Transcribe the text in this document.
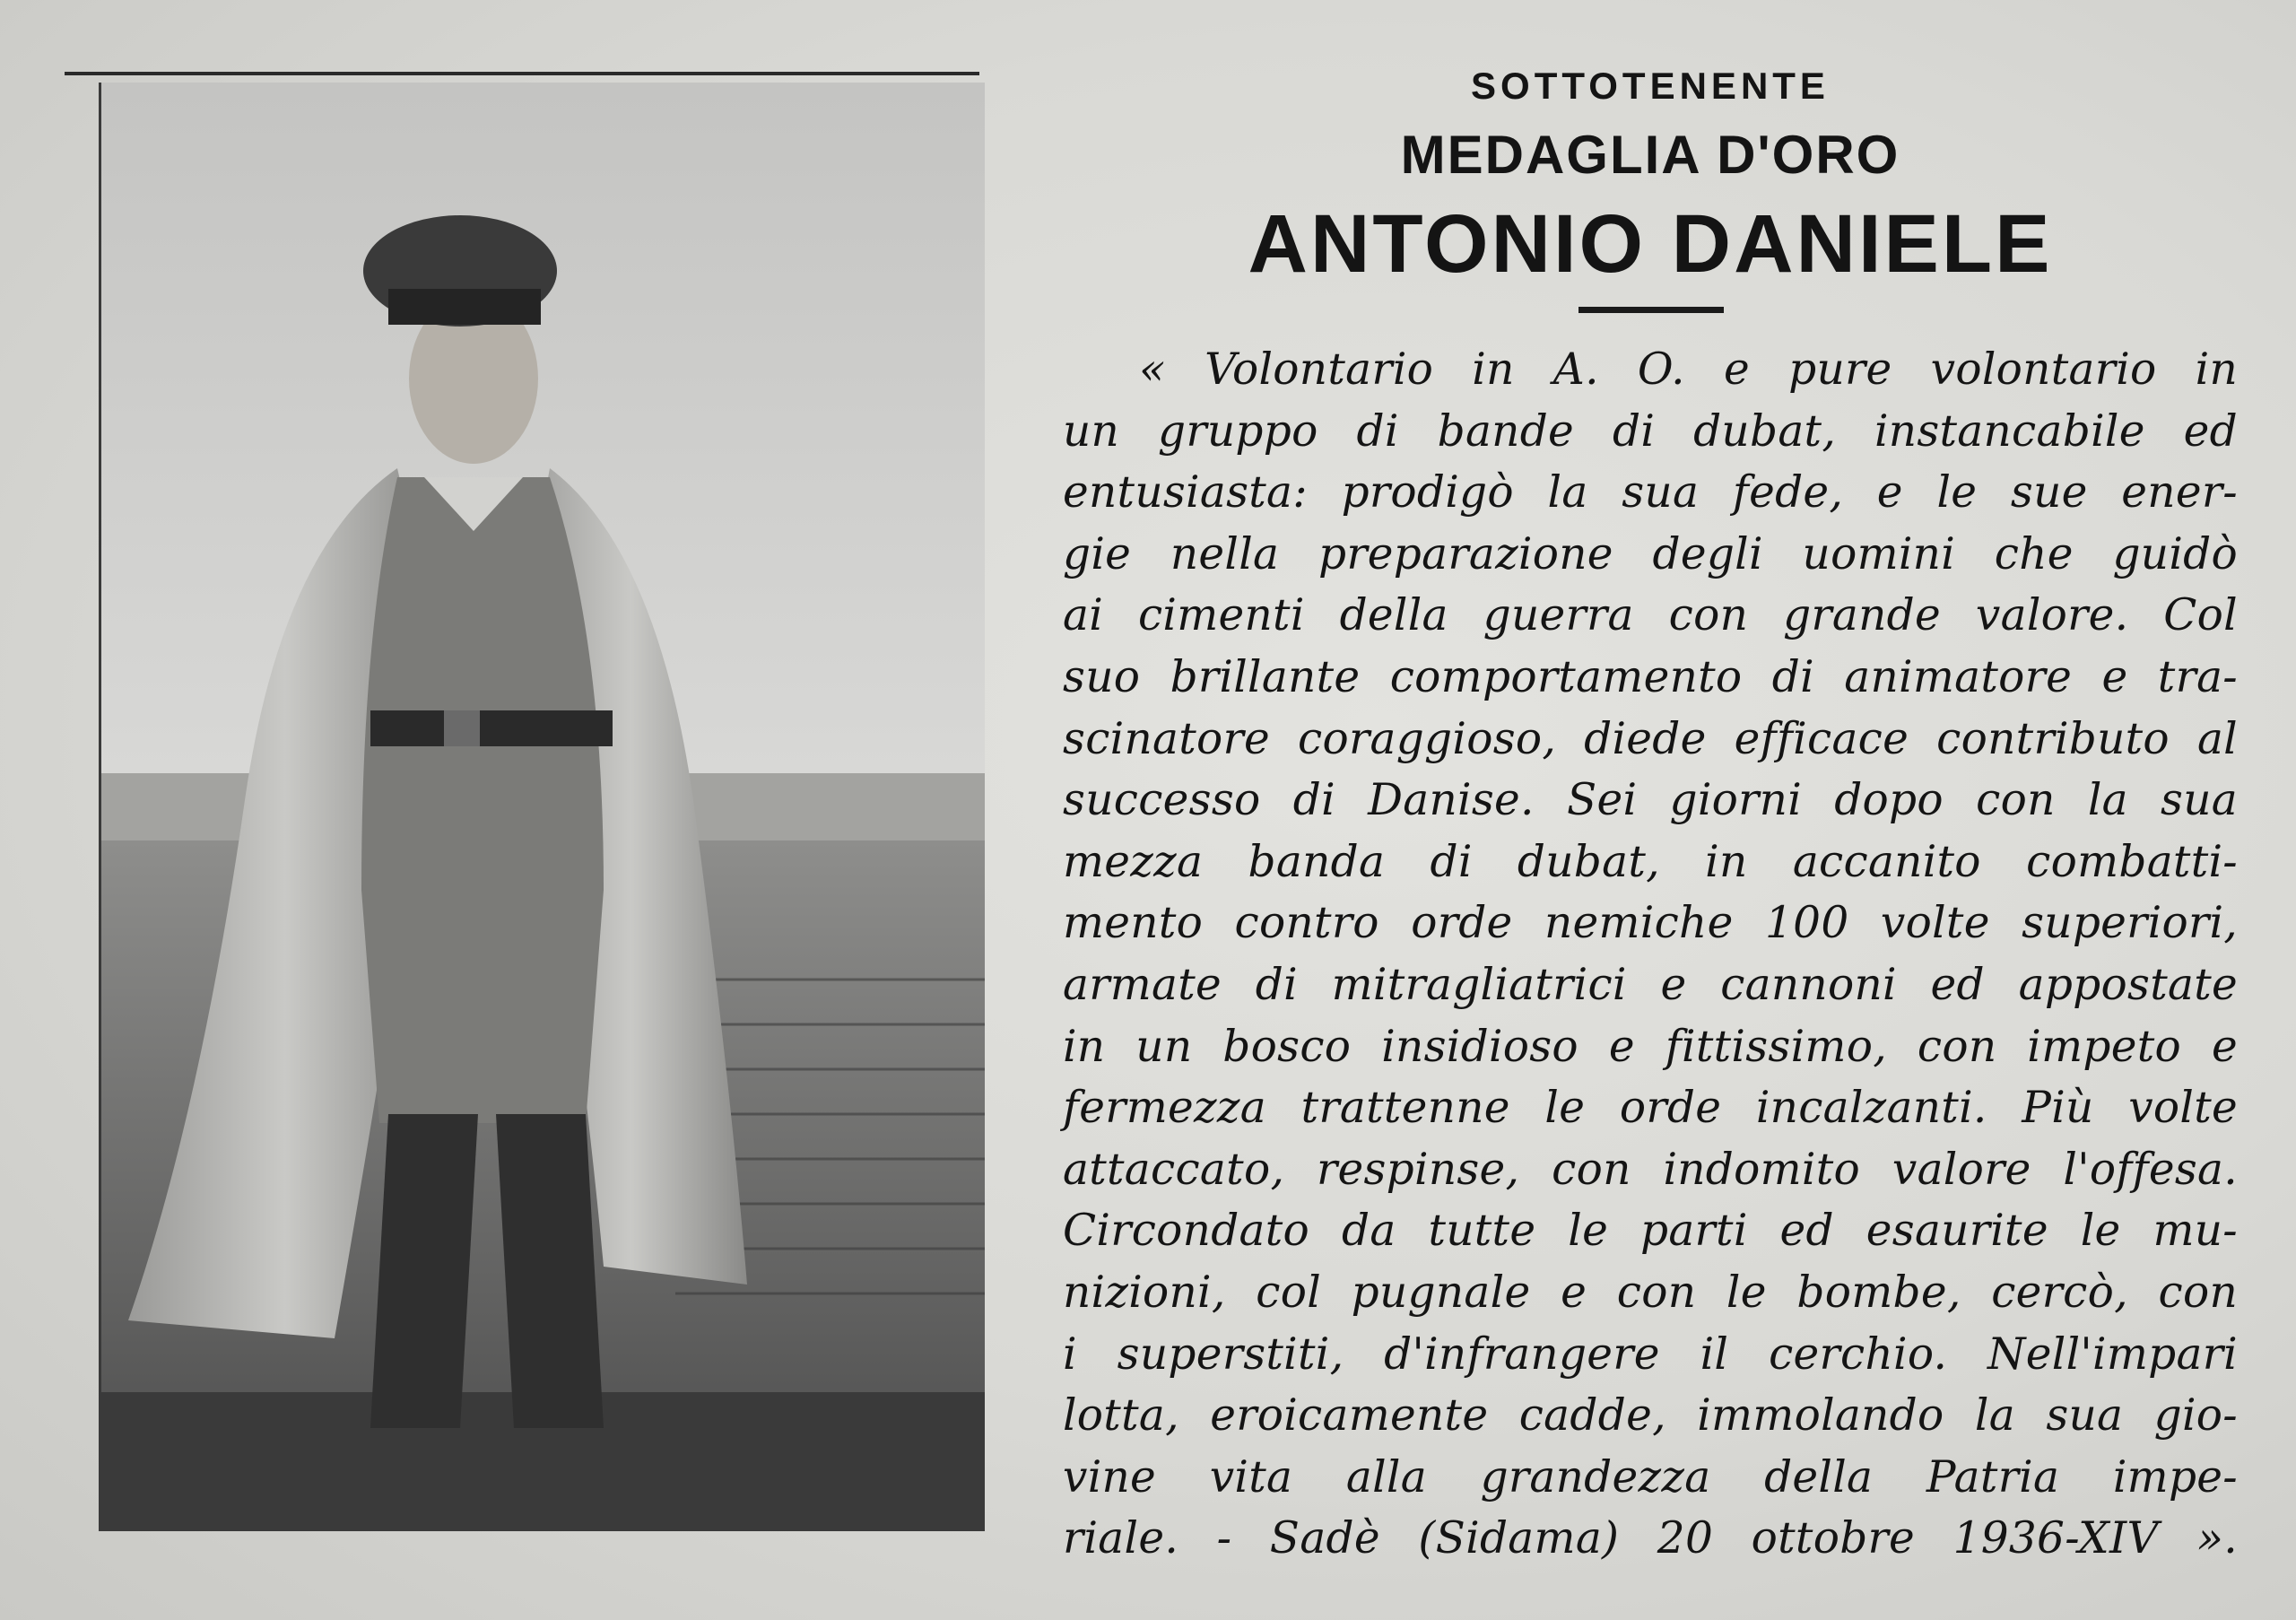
SOTTOTENENTE
MEDAGLIA D'ORO
ANTONIO DANIELE
« Volontario in A. O. e pure volontario in
un gruppo di bande di dubat, instancabile ed
entusiasta: prodigò la sua fede, e le sue ener-
gie nella preparazione degli uomini che guidò
ai cimenti della guerra con grande valore. Col
suo brillante comportamento di animatore e tra-
scinatore coraggioso, diede efficace contributo al
successo di Danise. Sei giorni dopo con la sua
mezza banda di dubat, in accanito combatti-
mento contro orde nemiche 100 volte superiori,
armate di mitragliatrici e cannoni ed appostate
in un bosco insidioso e fittissimo, con impeto e
fermezza trattenne le orde incalzanti. Più volte
attaccato, respinse, con indomito valore l'offesa.
Circondato da tutte le parti ed esaurite le mu-
nizioni, col pugnale e con le bombe, cercò, con
i superstiti, d'infrangere il cerchio. Nell'impari
lotta, eroicamente cadde, immolando la sua gio-
vine vita alla grandezza della Patria impe-
riale. - Sadè (Sidama) 20 ottobre 1936-XIV ».
